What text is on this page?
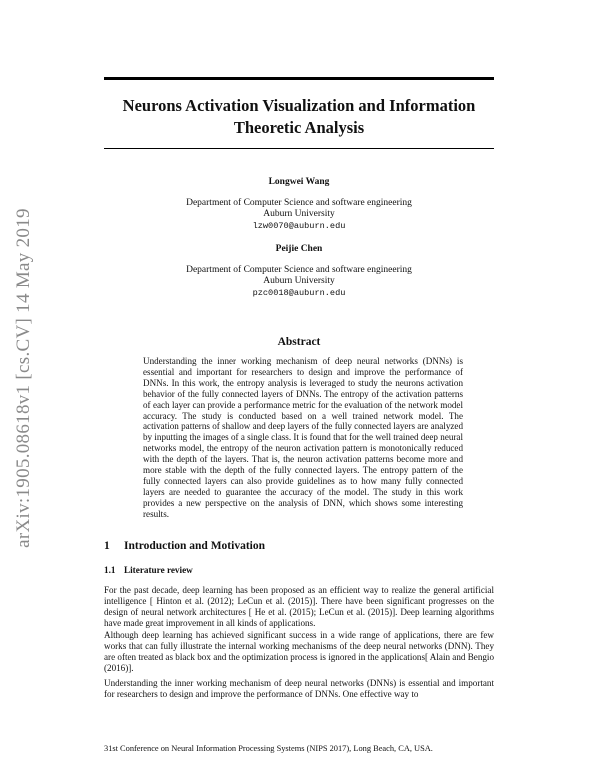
arXiv:1905.08618v1 [cs.CV] 14 May 2019
Neurons Activation Visualization and Information Theoretic Analysis
Longwei Wang
Department of Computer Science and software engineering
Auburn University
lzw0070@auburn.edu
Peijie Chen
Department of Computer Science and software engineering
Auburn University
pzc0018@auburn.edu
Abstract

Understanding the inner working mechanism of deep neural networks (DNNs) is essential and important for researchers to design and improve the performance of DNNs. In this work, the entropy analysis is leveraged to study the neurons activation behavior of the fully connected layers of DNNs. The entropy of the activation patterns of each layer can provide a performance metric for the evaluation of the network model accuracy. The study is conducted based on a well trained network model. The activation patterns of shallow and deep layers of the fully connected layers are analyzed by inputting the images of a single class. It is found that for the well trained deep neural networks model, the entropy of the neuron activation pattern is monotonically reduced with the depth of the layers. That is, the neuron activation patterns become more and more stable with the depth of the fully connected layers. The entropy pattern of the fully connected layers can also provide guidelines as to how many fully connected layers are needed to guarantee the accuracy of the model. The study in this work provides a new perspective on the analysis of DNN, which shows some interesting results.

1 Introduction and Motivation
1.1 Literature review

For the past decade, deep learning has been proposed as an efficient way to realize the general artificial intelligence [ Hinton et al. (2012); LeCun et al. (2015)]. There have been significant progresses on the design of neural network architectures [ He et al. (2015); LeCun et al. (2015)]. Deep learning algorithms have made great improvement in all kinds of applications.

Although deep learning has achieved significant success in a wide range of applications, there are few works that can fully illustrate the internal working mechanisms of the deep neural networks (DNN). They are often treated as black box and the optimization process is ignored in the applications[ Alain and Bengio (2016)].

Understanding the inner working mechanism of deep neural networks (DNNs) is essential and important for researchers to design and improve the performance of DNNs. One effective way to

31st Conference on Neural Information Processing Systems (NIPS 2017), Long Beach, CA, USA.
